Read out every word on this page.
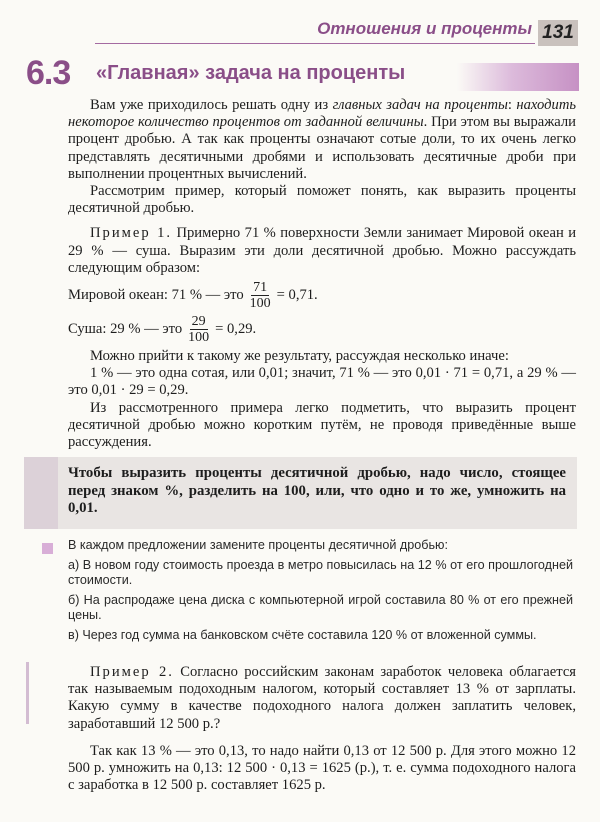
Отношения и проценты 131
6.3 «Главная» задача на проценты

Вам уже приходилось решать одну из главных задач на проценты: находить некоторое количество процентов от заданной величины. При этом вы выражали процент дробью. А так как проценты означают сотые доли, то их очень легко представлять десятичными дробями и использовать десятичные дроби при выполнении процентных вычислений.

Рассмотрим пример, который поможет понять, как выразить проценты десятичной дробью.

Пример 1. Примерно 71 % поверхности Земли занимает Мировой океан и 29 % — суша. Выразим эти доли десятичной дробью. Можно рассуждать следующим образом:

Мировой океан: 71 % — это $\frac{71}{100} = 0,71$.
Суша: 29 % — это $\frac{29}{100} = 0,29$.

Можно прийти к такому же результату, рассуждая несколько иначе:

1 % — это одна сотая, или 0,01; значит, 71 % — это 0,01 · 71 = 0,71, а 29 % — это 0,01 · 29 = 0,29.

Из рассмотренного примера легко подметить, что выразить процент десятичной дробью можно коротким путём, не проводя приведённые выше рассуждения.

Чтобы выразить проценты десятичной дробью, надо число, стоящее перед знаком %, разделить на 100, или, что одно и то же, умножить на 0,01.

В каждом предложении замените проценты десятичной дробью:

а) В новом году стоимость проезда в метро повысилась на 12 % от его прошлогодней стоимости.

б) На распродаже цена диска с компьютерной игрой составила 80 % от его прежней цены.

в) Через год сумма на банковском счёте составила 120 % от вложенной суммы.

Пример 2. Согласно российским законам заработок человека облагается так называемым подоходным налогом, который составляет 13 % от зарплаты. Какую сумму в качестве подоходного налога должен заплатить человек, заработавший 12 500 р.?

Так как 13 % — это 0,13, то надо найти 0,13 от 12 500 р. Для этого можно 12 500 р. умножить на 0,13: 12 500 · 0,13 = 1625 (р.), т. е. сумма подоходного налога с заработка в 12 500 р. составляет 1625 р.
